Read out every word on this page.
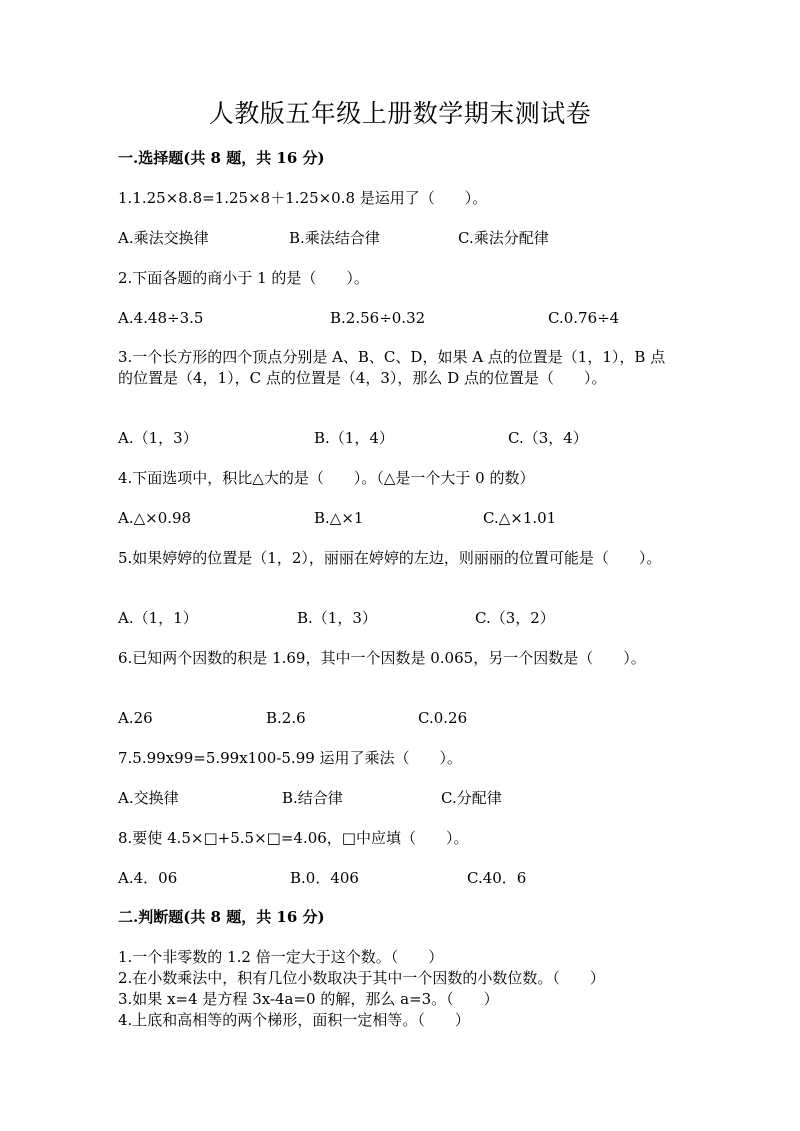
人教版五年级上册数学期末测试卷
一.选择题(共 8 题，共 16 分)
1.1.25×8.8=1.25×8＋1.25×0.8 是运用了（　　）。
A.乘法交换律	B.乘法结合律	C.乘法分配律
2.下面各题的商小于 1 的是（　　）。
A.4.48÷3.5	B.2.56÷0.32	C.0.76÷4
3.一个长方形的四个顶点分别是 A、B、C、D，如果 A 点的位置是（1，1），B 点的位置是（4，1），C 点的位置是（4，3），那么 D 点的位置是（　　）。
A.（1，3）	B.（1，4）	C.（3，4）
4.下面选项中，积比△大的是（　　）。（△是一个大于 0 的数）
A.△×0.98	B.△×1	C.△×1.01
5.如果婷婷的位置是（1，2），丽丽在婷婷的左边，则丽丽的位置可能是（　　）。
A.（1，1）	B.（1，3）	C.（3，2）
6.已知两个因数的积是 1.69，其中一个因数是 0.065，另一个因数是（　　）。
A.26	B.2.6	C.0.26
7.5.99x99=5.99x100-5.99 运用了乘法（　　）。
A.交换律	B.结合律	C.分配律
8.要使 4.5×□+5.5×□=4.06，□中应填（　　）。
A.4．06	B.0．406	C.40．6
二.判断题(共 8 题，共 16 分)
1.一个非零数的 1.2 倍一定大于这个数。（　　）
2.在小数乘法中，积有几位小数取决于其中一个因数的小数位数。（　　）
3.如果 x=4 是方程 3x-4a=0 的解，那么 a=3。（　　）
4.上底和高相等的两个梯形，面积一定相等。（　　）
